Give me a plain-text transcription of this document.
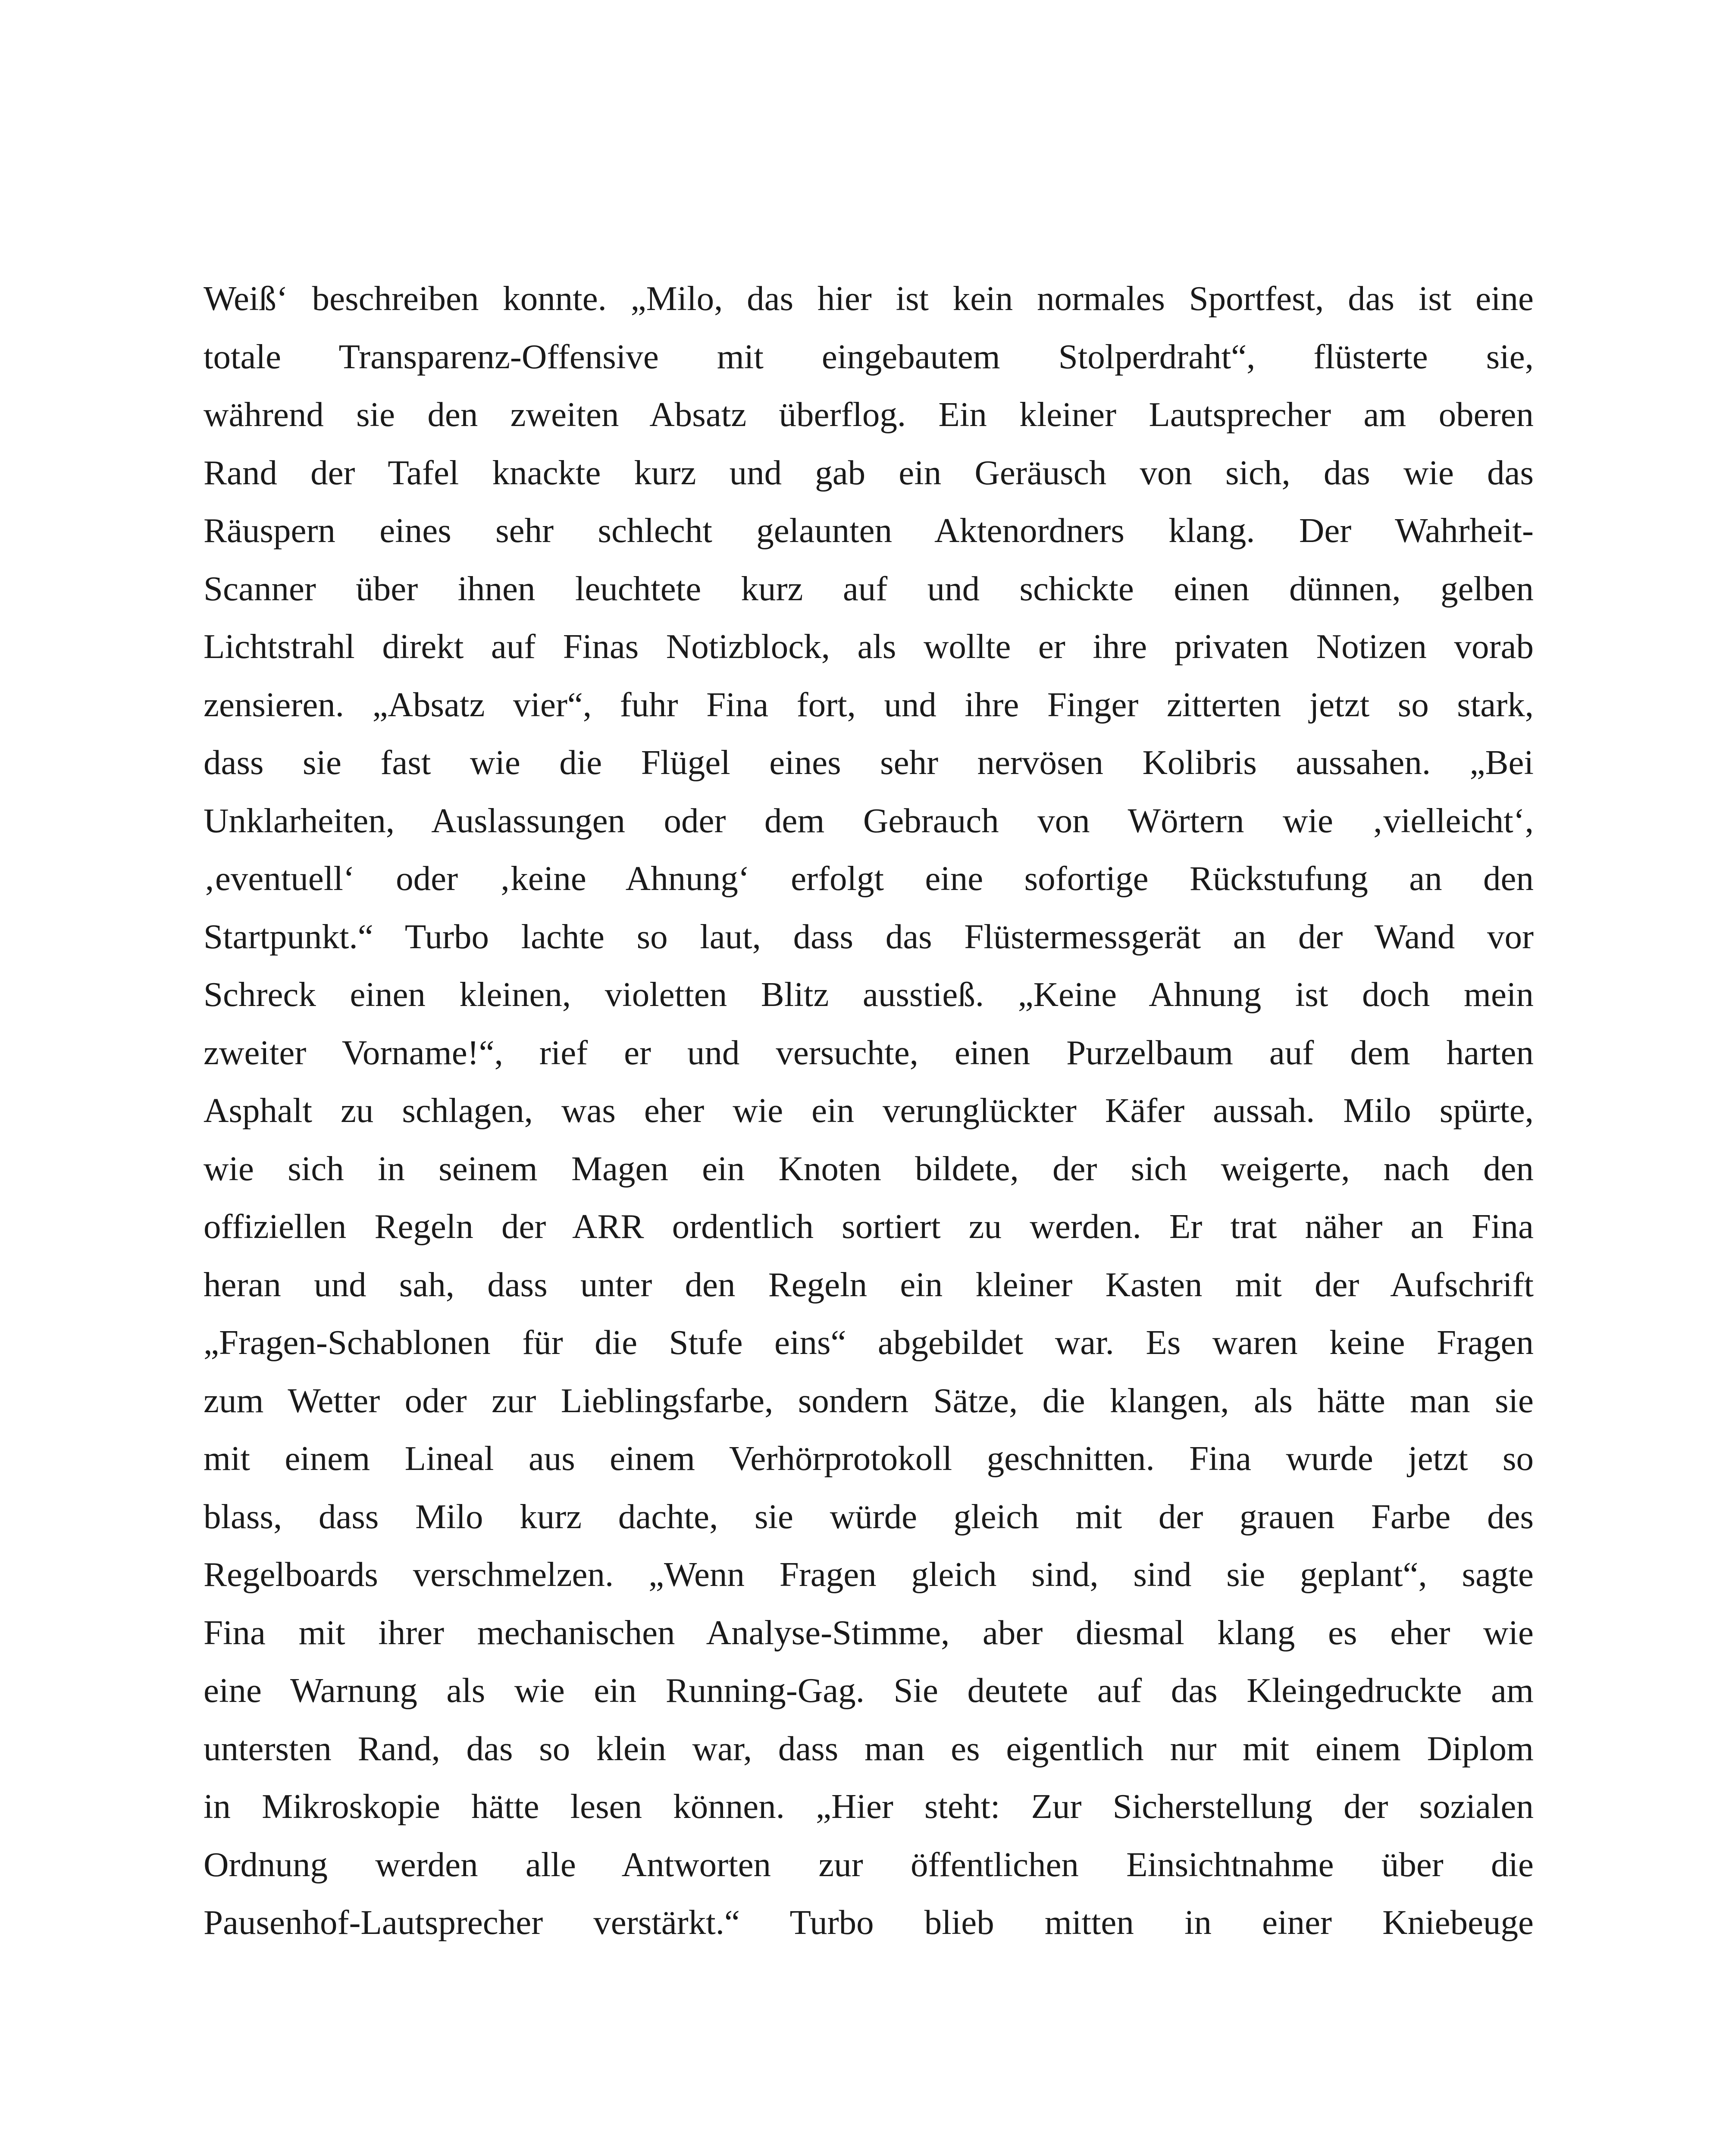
Weiß‘ beschreiben konnte. „Milo, das hier ist kein normales Sportfest, das ist eine
totale Transparenz-Offensive mit eingebautem Stolperdraht“, flüsterte sie,
während sie den zweiten Absatz überflog. Ein kleiner Lautsprecher am oberen
Rand der Tafel knackte kurz und gab ein Geräusch von sich, das wie das
Räuspern eines sehr schlecht gelaunten Aktenordners klang. Der Wahrheit-
Scanner über ihnen leuchtete kurz auf und schickte einen dünnen, gelben
Lichtstrahl direkt auf Finas Notizblock, als wollte er ihre privaten Notizen vorab
zensieren. „Absatz vier“, fuhr Fina fort, und ihre Finger zitterten jetzt so stark,
dass sie fast wie die Flügel eines sehr nervösen Kolibris aussahen. „Bei
Unklarheiten, Auslassungen oder dem Gebrauch von Wörtern wie ‚vielleicht‘,
‚eventuell‘ oder ‚keine Ahnung‘ erfolgt eine sofortige Rückstufung an den
Startpunkt.“ Turbo lachte so laut, dass das Flüstermessgerät an der Wand vor
Schreck einen kleinen, violetten Blitz ausstieß. „Keine Ahnung ist doch mein
zweiter Vorname!“, rief er und versuchte, einen Purzelbaum auf dem harten
Asphalt zu schlagen, was eher wie ein verunglückter Käfer aussah. Milo spürte,
wie sich in seinem Magen ein Knoten bildete, der sich weigerte, nach den
offiziellen Regeln der ARR ordentlich sortiert zu werden. Er trat näher an Fina
heran und sah, dass unter den Regeln ein kleiner Kasten mit der Aufschrift
„Fragen-Schablonen für die Stufe eins“ abgebildet war. Es waren keine Fragen
zum Wetter oder zur Lieblingsfarbe, sondern Sätze, die klangen, als hätte man sie
mit einem Lineal aus einem Verhörprotokoll geschnitten. Fina wurde jetzt so
blass, dass Milo kurz dachte, sie würde gleich mit der grauen Farbe des
Regelboards verschmelzen. „Wenn Fragen gleich sind, sind sie geplant“, sagte
Fina mit ihrer mechanischen Analyse-Stimme, aber diesmal klang es eher wie
eine Warnung als wie ein Running-Gag. Sie deutete auf das Kleingedruckte am
untersten Rand, das so klein war, dass man es eigentlich nur mit einem Diplom
in Mikroskopie hätte lesen können. „Hier steht: Zur Sicherstellung der sozialen
Ordnung werden alle Antworten zur öffentlichen Einsichtnahme über die
Pausenhof-Lautsprecher verstärkt.“ Turbo blieb mitten in einer Kniebeuge
